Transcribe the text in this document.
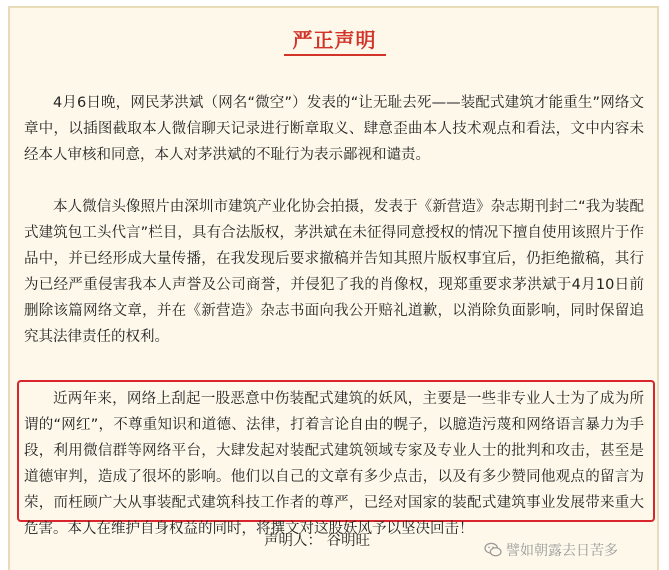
严正声明

4月6日晚，网民茅洪斌（网名“微空”）发表的“让无耻去死——装配式建筑才能重生”网络文章中，以插图截取本人微信聊天记录进行断章取义、肆意歪曲本人技术观点和看法，文中内容未经本人审核和同意，本人对茅洪斌的不耻行为表示鄙视和谴责。

本人微信头像照片由深圳市建筑产业化协会拍摄，发表于《新营造》杂志期刊封二“我为装配式建筑包工头代言”栏目，具有合法版权，茅洪斌在未征得同意授权的情况下擅自使用该照片于作品中，并已经形成大量传播，在我发现后要求撤稿并告知其照片版权事宜后，仍拒绝撤稿，其行为已经严重侵害我本人声誉及公司商誉，并侵犯了我的肖像权，现郑重要求茅洪斌于4月10日前删除该篇网络文章，并在《新营造》杂志书面向我公开赔礼道歉，以消除负面影响，同时保留追究其法律责任的权利。

近两年来，网络上刮起一股恶意中伤装配式建筑的妖风，主要是一些非专业人士为了成为所谓的“网红”，不尊重知识和道德、法律，打着言论自由的幌子，以臆造污蔑和网络语言暴力为手段，利用微信群等网络平台，大肆发起对装配式建筑领域专家及专业人士的批判和攻击，甚至是道德审判，造成了很坏的影响。他们以自己的文章有多少点击，以及有多少赞同他观点的留言为荣，而枉顾广大从事装配式建筑科技工作者的尊严，已经对国家的装配式建筑事业发展带来重大危害。本人在维护自身权益的同时，将撰文对这股妖风予以坚决回击！

声明人： 谷明旺
譬如朝露去日苦多
